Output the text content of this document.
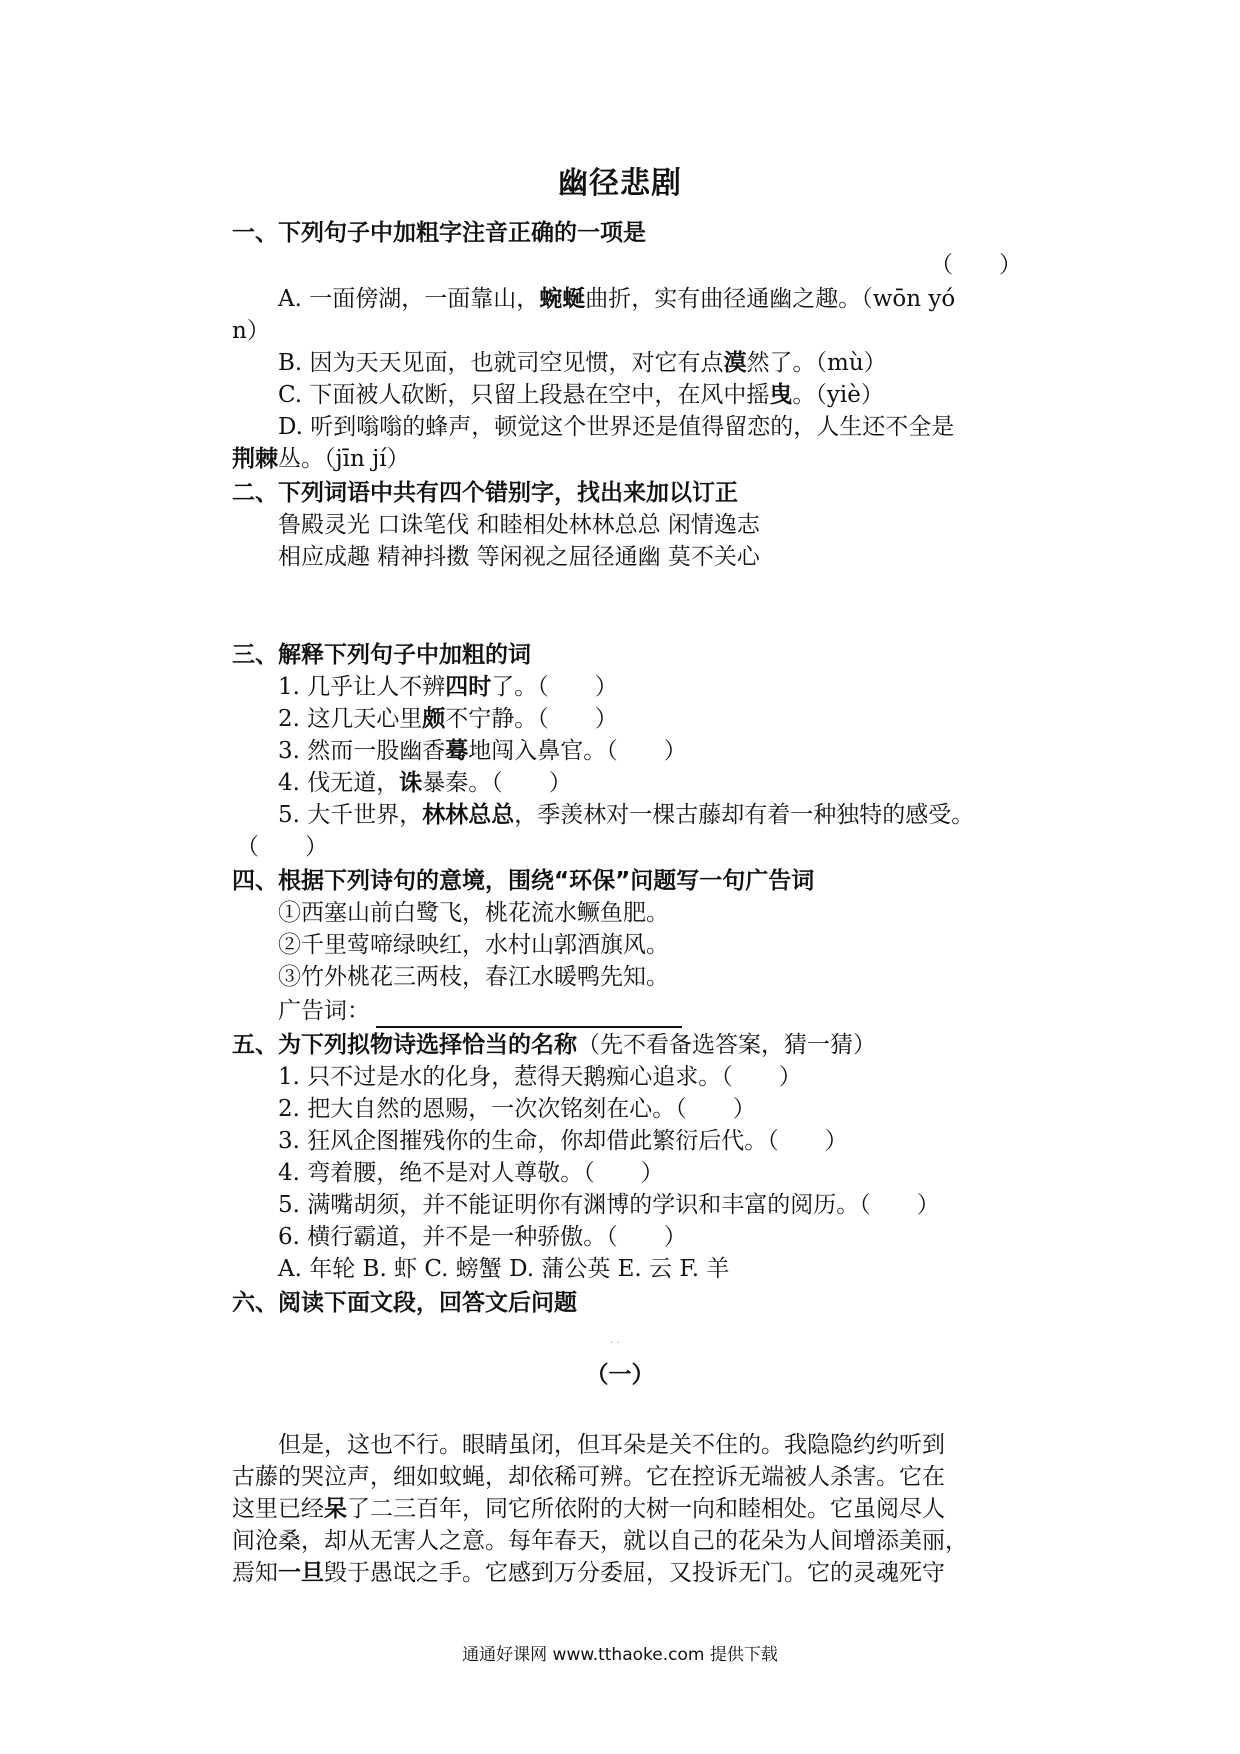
幽径悲剧
一、下列句子中加粗字注音正确的一项是
（　　）
A. 一面傍湖，一面靠山，蜿蜒曲折，实有曲径通幽之趣。（wōn yó
n）
B. 因为天天见面，也就司空见惯，对它有点漠然了。（mù）
C. 下面被人砍断，只留上段悬在空中，在风中摇曳。（yiè）
D. 听到嗡嗡的蜂声，顿觉这个世界还是值得留恋的，人生还不全是
荆棘丛。（jīn jí）
二、下列词语中共有四个错别字，找出来加以订正
鲁殿灵光 口诛笔伐 和睦相处林林总总 闲情逸志
相应成趣 精神抖擞 等闲视之屈径通幽 莫不关心
三、解释下列句子中加粗的词
1. 几乎让人不辨四时了。（　　）
2. 这几天心里颇不宁静。（　　）
3. 然而一股幽香蓦地闯入鼻官。（　　）
4. 伐无道，诛暴秦。（　　）
5. 大千世界，林林总总，季羡林对一棵古藤却有着一种独特的感受。
（　　）
四、根据下列诗句的意境，围绕“环保”问题写一句广告词
①西塞山前白鹭飞，桃花流水鳜鱼肥。
②千里莺啼绿映红，水村山郭酒旗风。
③竹外桃花三两枝，春江水暖鸭先知。
广告词：
五、为下列拟物诗选择恰当的名称（先不看备选答案，猜一猜）
1. 只不过是水的化身，惹得天鹅痴心追求。（　　）
2. 把大自然的恩赐，一次次铭刻在心。（　　）
3. 狂风企图摧残你的生命，你却借此繁衍后代。（　　）
4. 弯着腰，绝不是对人尊敬。（　　）
5. 满嘴胡须，并不能证明你有渊博的学识和丰富的阅历。（　　）
6. 横行霸道，并不是一种骄傲。（　　）
A. 年轮 B. 虾 C. 螃蟹 D. 蒲公英 E. 云 F. 羊
六、阅读下面文段，回答文后问题
· ·
（一）
但是，这也不行。眼睛虽闭，但耳朵是关不住的。我隐隐约约听到
古藤的哭泣声，细如蚊蝇，却依稀可辨。它在控诉无端被人杀害。它在
这里已经呆了二三百年，同它所依附的大树一向和睦相处。它虽阅尽人
间沧桑，却从无害人之意。每年春天，就以自己的花朵为人间增添美丽，
焉知一旦毁于愚氓之手。它感到万分委屈，又投诉无门。它的灵魂死守
通通好课网 www.tthaoke.com 提供下载
